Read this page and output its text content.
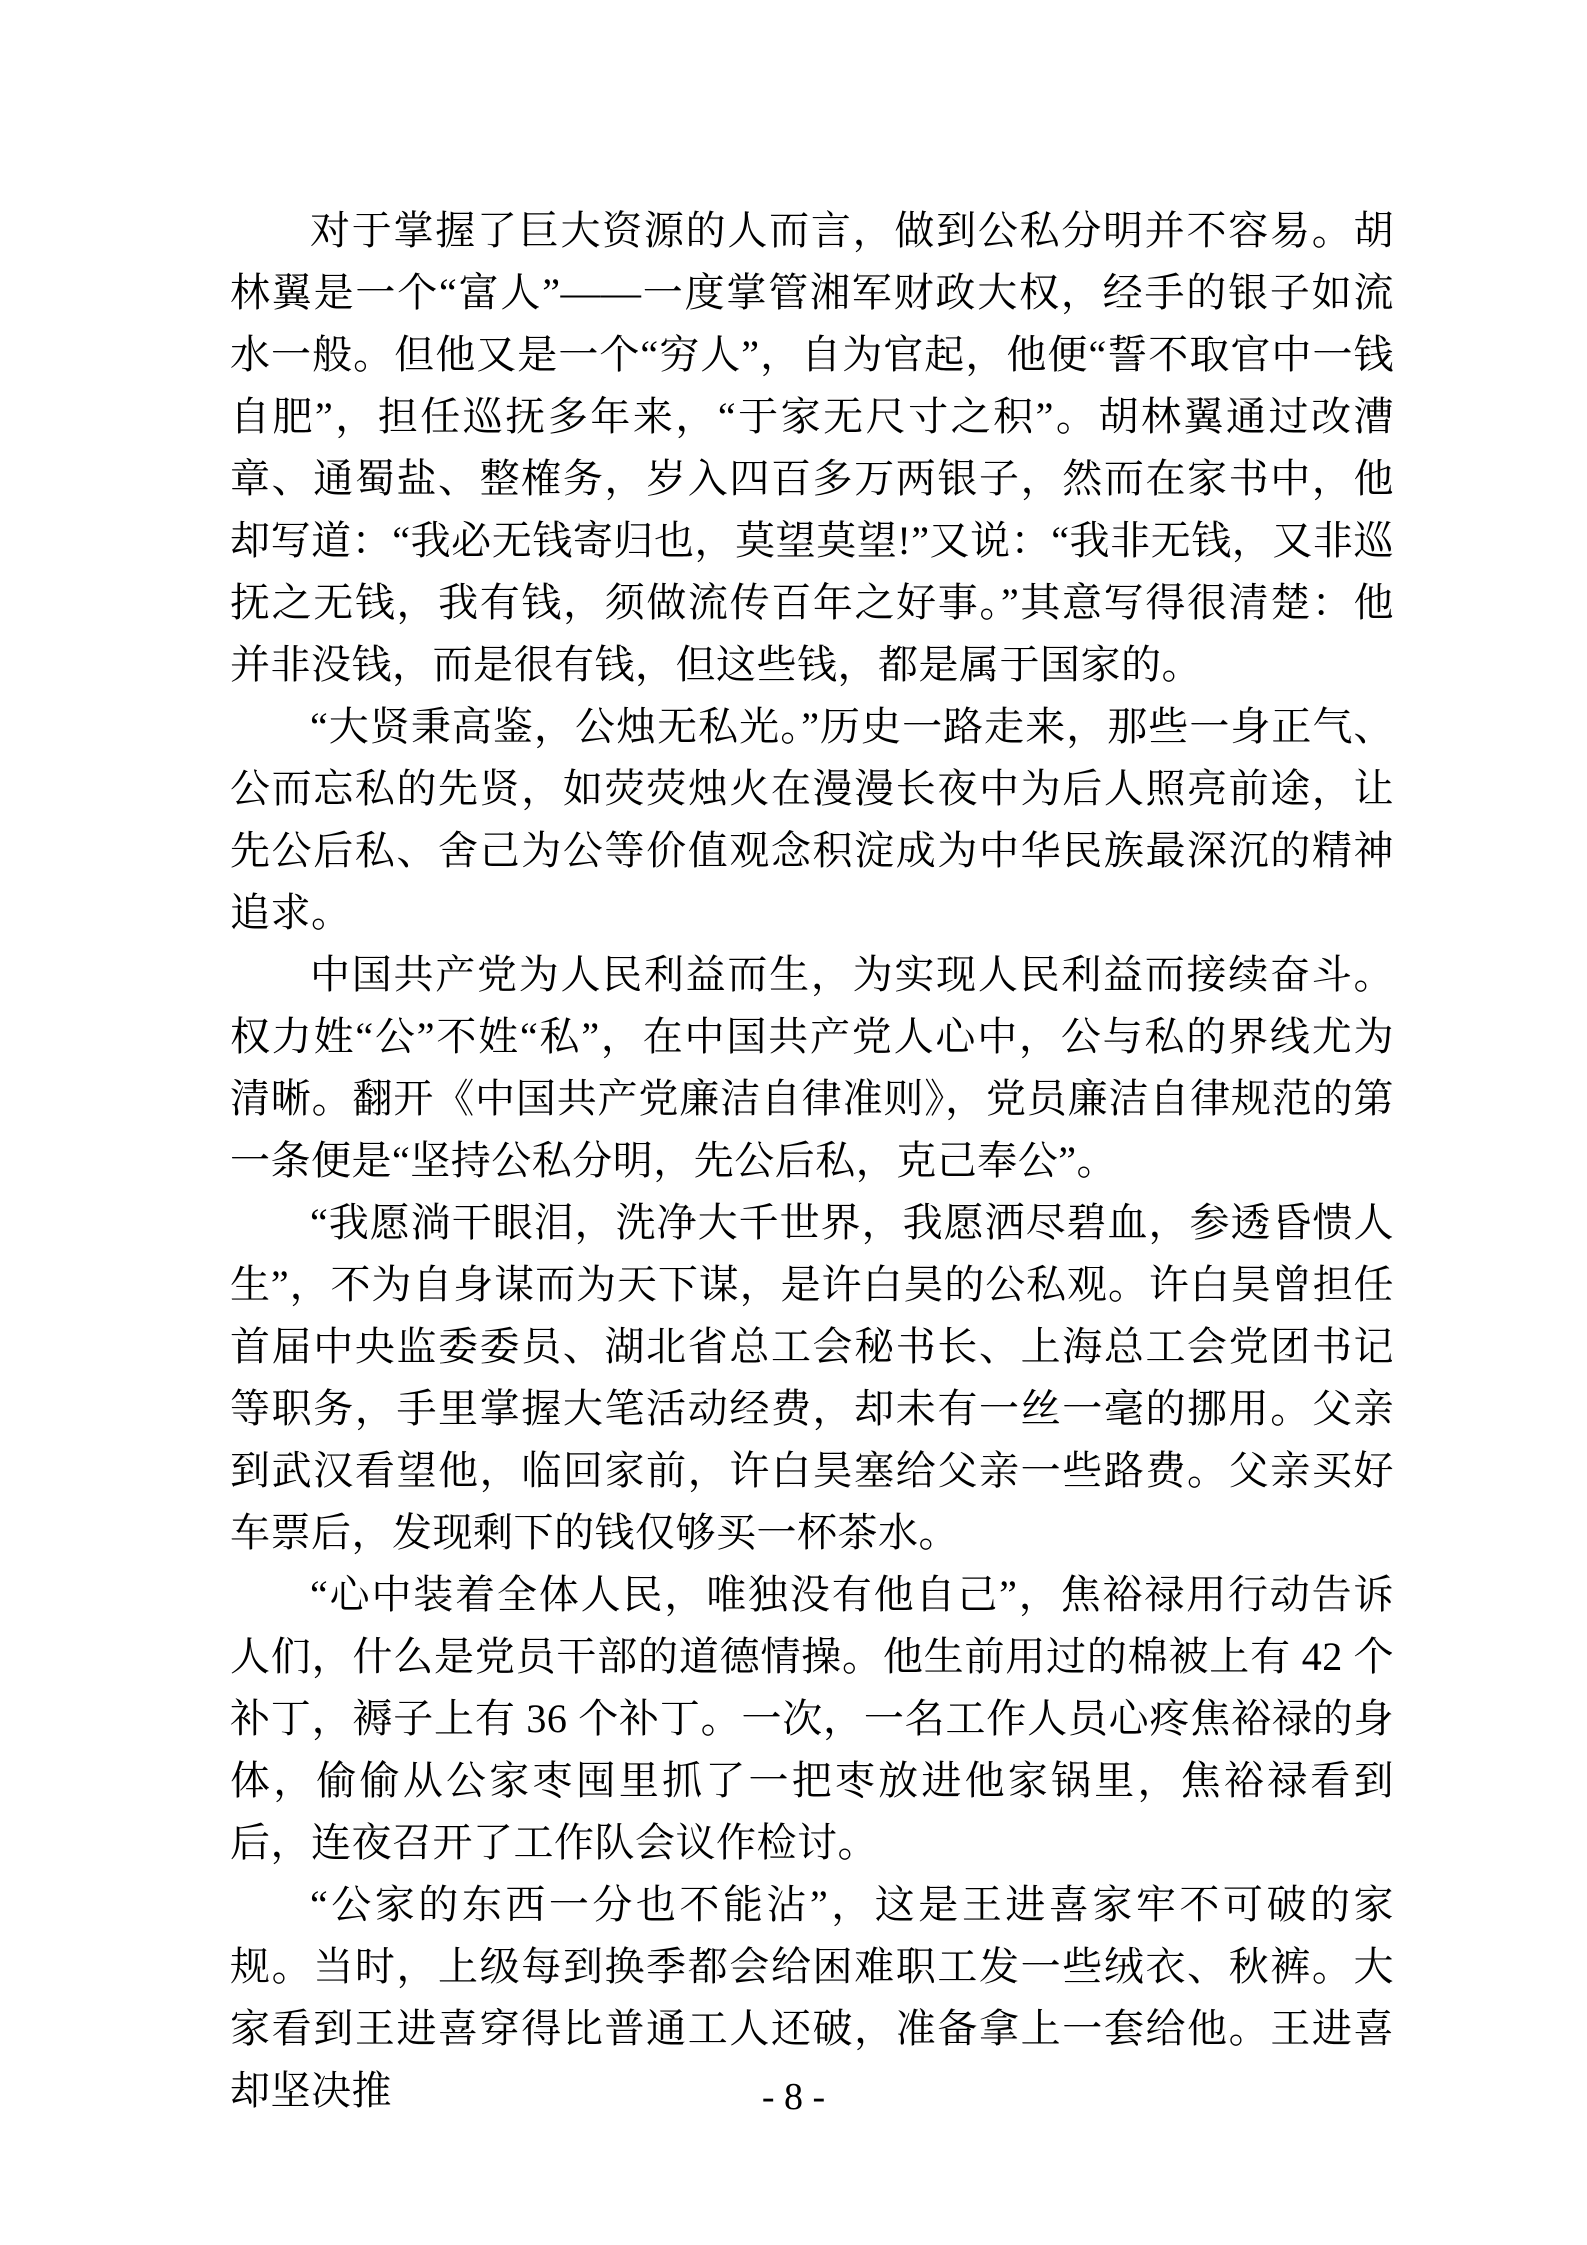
对于掌握了巨大资源的人而言，做到公私分明并不容易。胡林翼是一个“富人”——一度掌管湘军财政大权，经手的银子如流水一般。但他又是一个“穷人”，自为官起，他便“誓不取官中一钱自肥”，担任巡抚多年来，“于家无尺寸之积”。胡林翼通过改漕章、通蜀盐、整榷务，岁入四百多万两银子，然而在家书中，他却写道：“我必无钱寄归也，莫望莫望!”又说：“我非无钱，又非巡抚之无钱，我有钱，须做流传百年之好事。”其意写得很清楚：他并非没钱，而是很有钱，但这些钱，都是属于国家的。

“大贤秉高鉴，公烛无私光。”历史一路走来，那些一身正气、公而忘私的先贤，如荧荧烛火在漫漫长夜中为后人照亮前途，让先公后私、舍己为公等价值观念积淀成为中华民族最深沉的精神追求。

中国共产党为人民利益而生，为实现人民利益而接续奋斗。权力姓“公”不姓“私”，在中国共产党人心中，公与私的界线尤为清晰。翻开《中国共产党廉洁自律准则》，党员廉洁自律规范的第一条便是“坚持公私分明，先公后私，克己奉公”。

“我愿淌干眼泪，洗净大千世界，我愿洒尽碧血，参透昏愦人生”，不为自身谋而为天下谋，是许白昊的公私观。许白昊曾担任首届中央监委委员、湖北省总工会秘书长、上海总工会党团书记等职务，手里掌握大笔活动经费，却未有一丝一毫的挪用。父亲到武汉看望他，临回家前，许白昊塞给父亲一些路费。父亲买好车票后，发现剩下的钱仅够买一杯茶水。

“心中装着全体人民，唯独没有他自己”，焦裕禄用行动告诉人们，什么是党员干部的道德情操。他生前用过的棉被上有 42 个补丁，褥子上有 36 个补丁。一次，一名工作人员心疼焦裕禄的身体，偷偷从公家枣囤里抓了一把枣放进他家锅里，焦裕禄看到后，连夜召开了工作队会议作检讨。

“公家的东西一分也不能沾”，这是王进喜家牢不可破的家规。当时，上级每到换季都会给困难职工发一些绒衣、秋裤。大家看到王进喜穿得比普通工人还破，准备拿上一套给他。王进喜却坚决推	- 8 -
